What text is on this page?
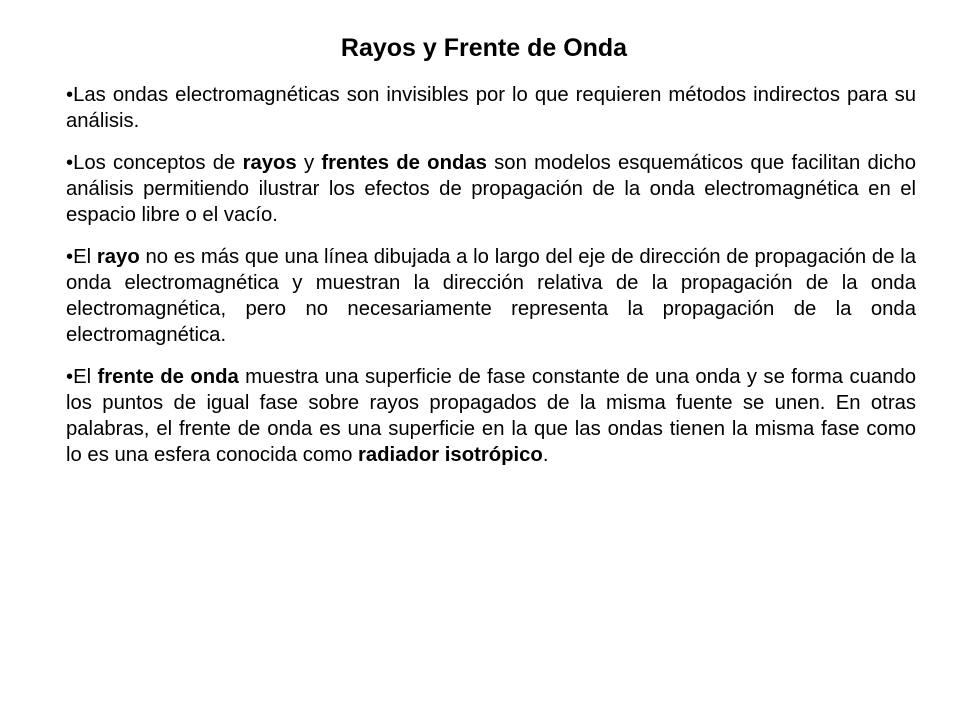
Rayos y Frente de Onda

•Las ondas electromagnéticas son invisibles por lo que requieren métodos indirectos para su análisis.

•Los conceptos de rayos y frentes de ondas son modelos esquemáticos que facilitan dicho análisis permitiendo ilustrar los efectos de propagación de la onda electromagnética en el espacio libre o el vacío.

•El rayo no es más que una línea dibujada a lo largo del eje de dirección de propagación de la onda electromagnética y muestran la dirección relativa de la propagación de la onda electromagnética, pero no necesariamente representa la propagación de la onda electromagnética.

•El frente de onda muestra una superficie de fase constante de una onda y se forma cuando los puntos de igual fase sobre rayos propagados de la misma fuente se unen. En otras palabras, el frente de onda es una superficie en la que las ondas tienen la misma fase como lo es una esfera conocida como radiador isotrópico.
